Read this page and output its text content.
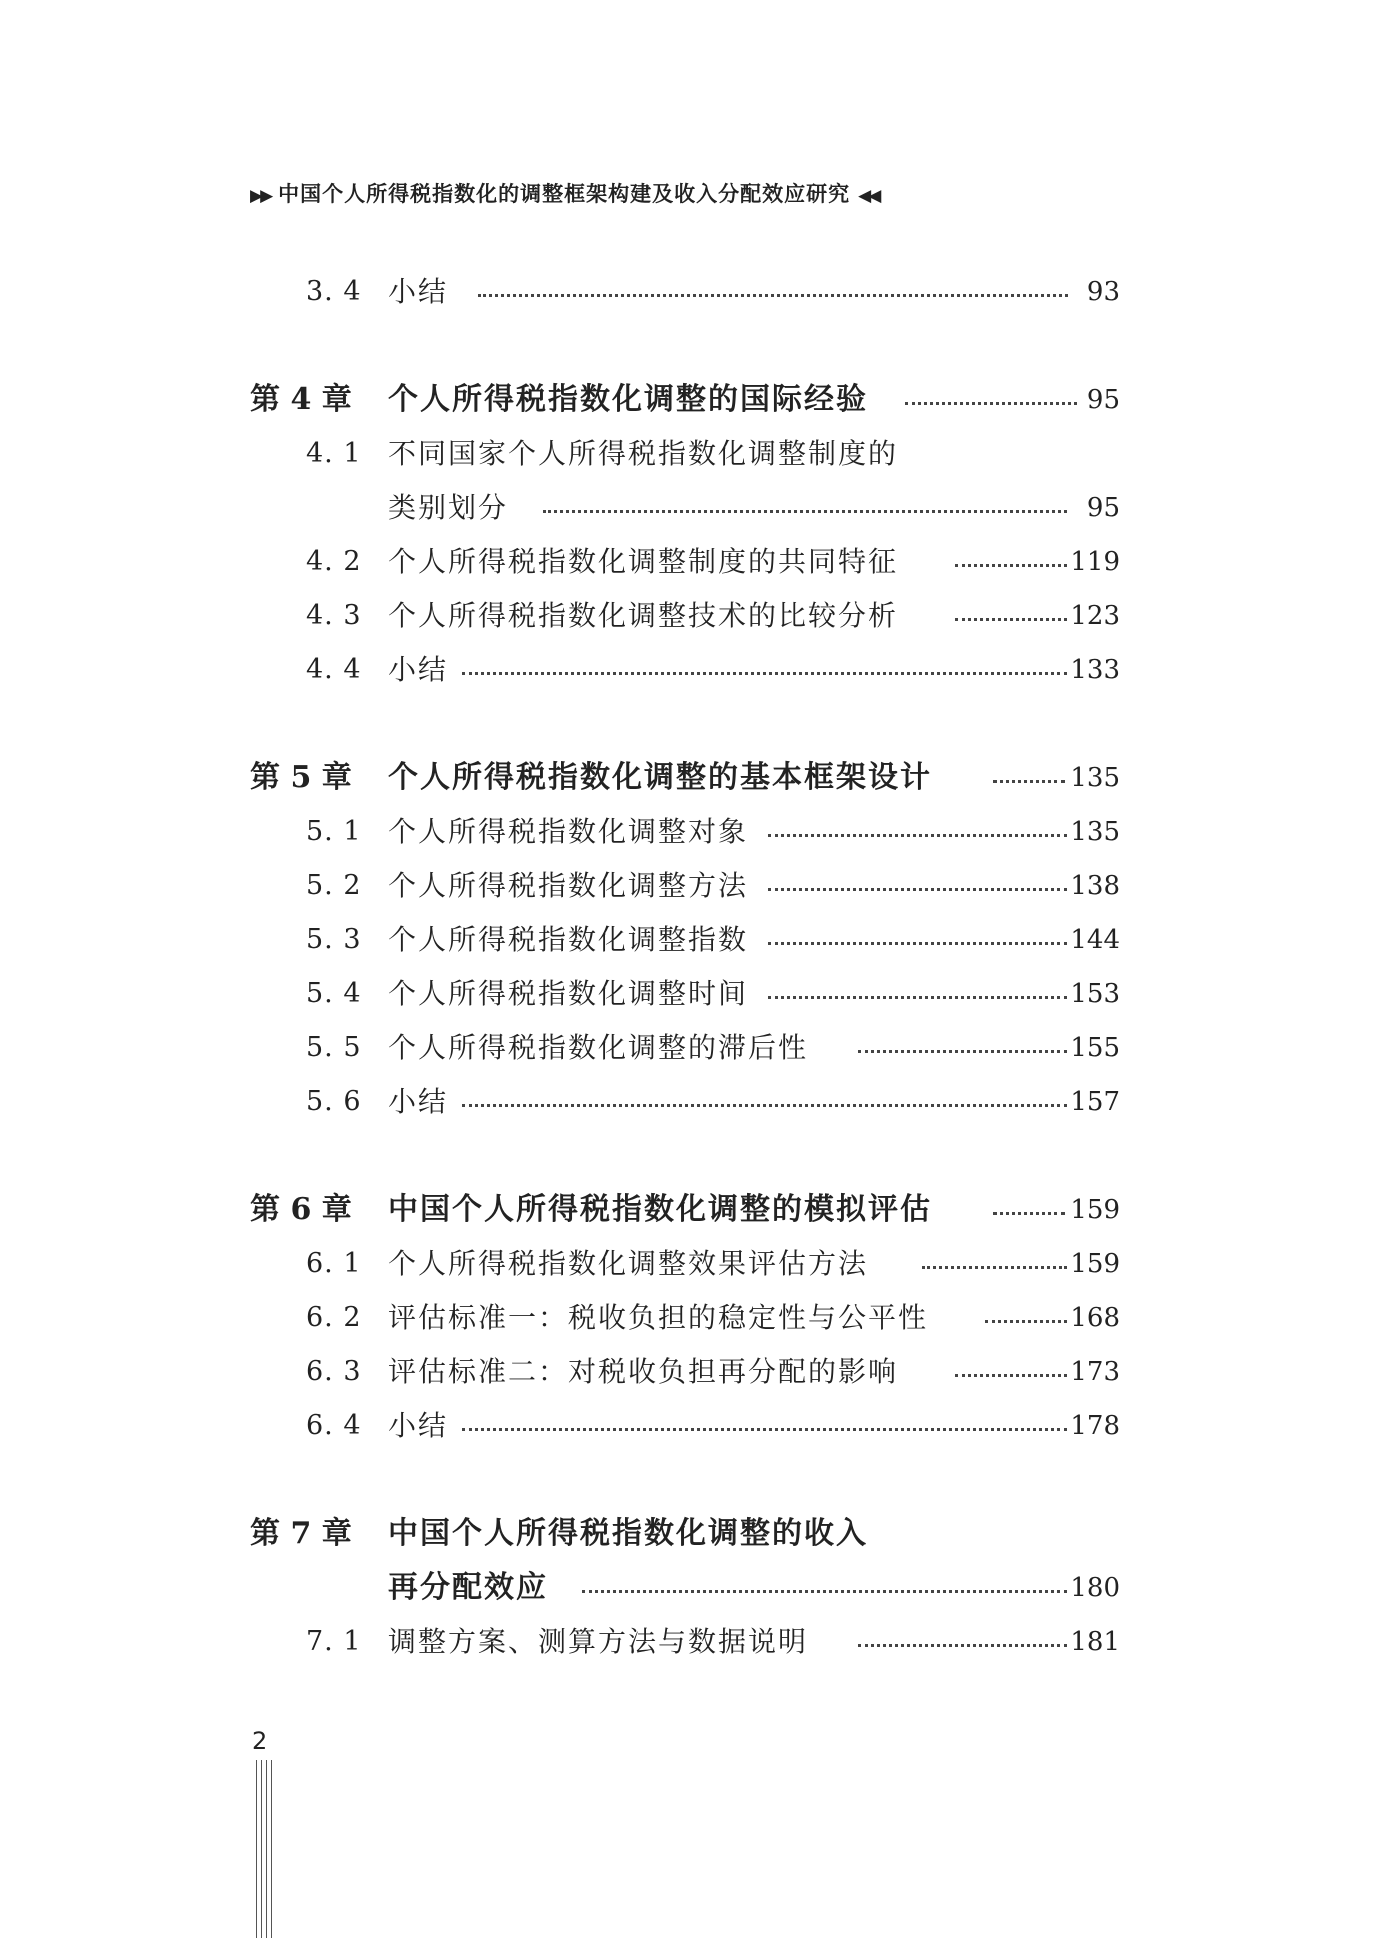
▶▶ 中国个人所得税指数化的调整框架构建及收入分配效应研究 ◀◀
3. 4 小结	93
第 4 章 个人所得税指数化调整的国际经验	95
4. 1 不同国家个人所得税指数化调整制度的
类别划分	95
4. 2 个人所得税指数化调整制度的共同特征	119
4. 3 个人所得税指数化调整技术的比较分析	123
4. 4 小结	133
第 5 章 个人所得税指数化调整的基本框架设计	135
5. 1 个人所得税指数化调整对象	135
5. 2 个人所得税指数化调整方法	138
5. 3 个人所得税指数化调整指数	144
5. 4 个人所得税指数化调整时间	153
5. 5 个人所得税指数化调整的滞后性	155
5. 6 小结	157
第 6 章 中国个人所得税指数化调整的模拟评估	159
6. 1 个人所得税指数化调整效果评估方法	159
6. 2 评估标准一：税收负担的稳定性与公平性	168
6. 3 评估标准二：对税收负担再分配的影响	173
6. 4 小结	178
第 7 章 中国个人所得税指数化调整的收入
再分配效应	180
7. 1 调整方案、测算方法与数据说明	181
2
